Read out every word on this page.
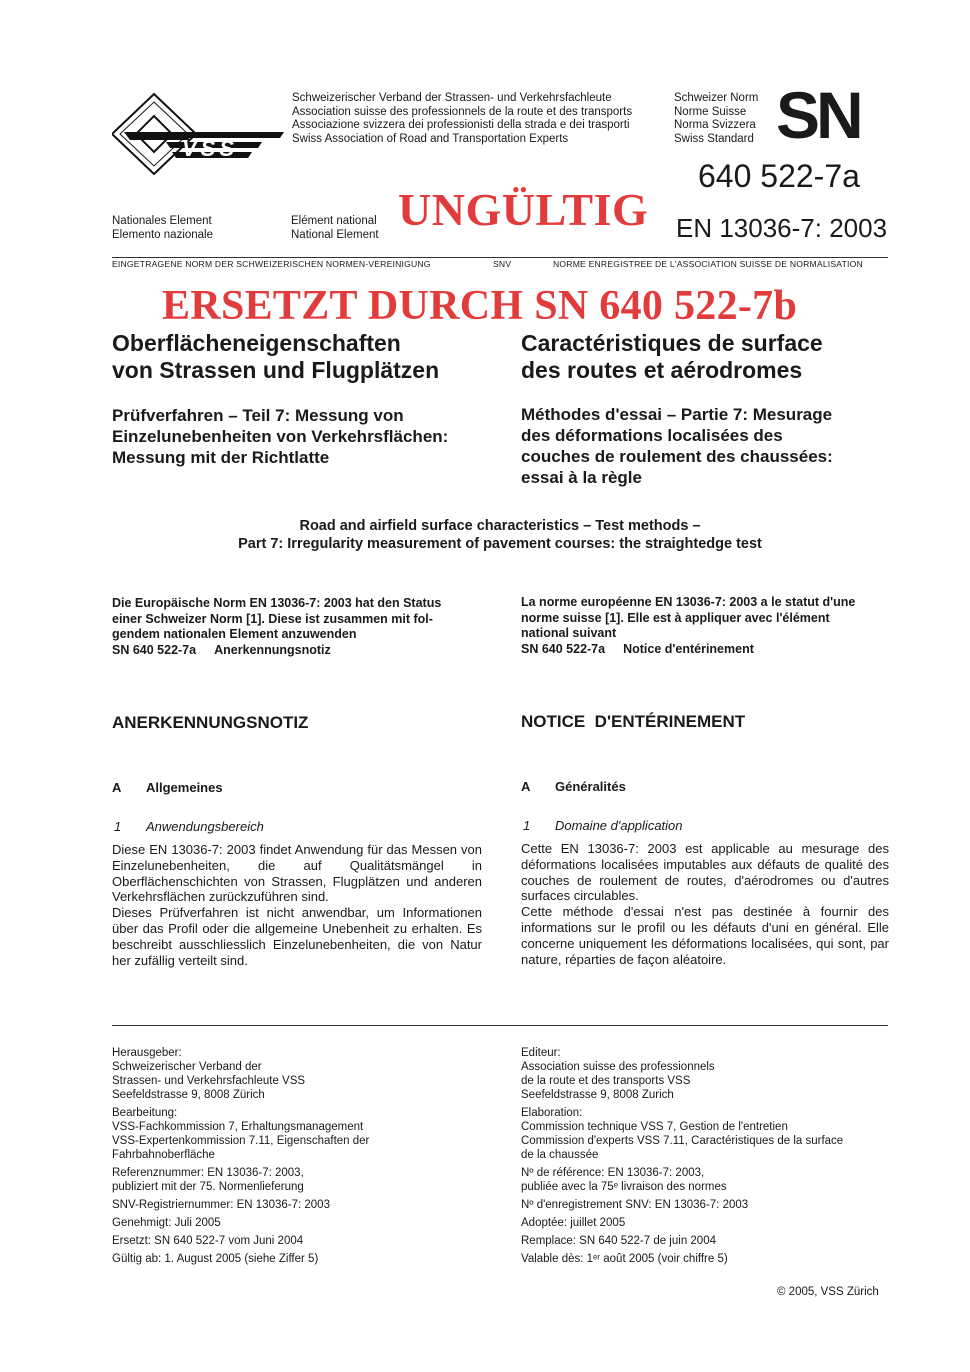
VSS
Schweizerischer Verband der Strassen- und Verkehrsfachleute
Association suisse des professionnels de la route et des transports
Associazione svizzera dei professionisti della strada e dei trasporti
Swiss Association of Road and Transportation Experts
Schweizer Norm
Norme Suisse
Norma Svizzera
Swiss Standard SN
640 522-7a
Nationales Element
Elemento nazionale
Elément national
National Element UNGÜLTIG EN 13036-7: 2003
EINGETRAGENE NORM DER SCHWEIZERISCHEN NORMEN-VEREINIGUNG	SNV	NORME ENREGISTREE DE L'ASSOCIATION SUISSE DE NORMALISATION
ERSETZT DURCH SN 640 522-7b
Oberflächeneigenschaften
von Strassen und Flugplätzen
Caractéristiques de surface
des routes et aérodromes
Prüfverfahren – Teil 7: Messung von
Einzelunebenheiten von Verkehrsflächen:
Messung mit der Richtlatte
Méthodes d'essai – Partie 7: Mesurage
des déformations localisées des
couches de roulement des chaussées:
essai à la règle
Road and airfield surface characteristics – Test methods –
Part 7: Irregularity measurement of pavement courses: the straightedge test
Die Europäische Norm EN 13036-7: 2003 hat den Status
einer Schweizer Norm [1]. Diese ist zusammen mit fol-
gendem nationalen Element anzuwenden
SN 640 522-7a Anerkennungsnotiz
La norme européenne EN 13036-7: 2003 a le statut d'une
norme suisse [1]. Elle est à appliquer avec l'élément
national suivant
SN 640 522-7a Notice d'entérinement
ANERKENNUNGSNOTIZ	NOTICE  D'ENTÉRINEMENT
A Allgemeines	A Généralités
1 Anwendungsbereich	1 Domaine d'application
Diese EN 13036-7: 2003 findet Anwendung für das Messen von Einzelunebenheiten, die auf Qualitätsmängel in Oberflächenschichten von Strassen, Flugplätzen und anderen Verkehrsflächen zurückzuführen sind.
Dieses Prüfverfahren ist nicht anwendbar, um Informationen über das Profil oder die allgemeine Unebenheit zu erhalten. Es beschreibt ausschliesslich Einzelunebenheiten, die von Natur her zufällig verteilt sind.
Cette EN 13036-7: 2003 est applicable au mesurage des déformations localisées imputables aux défauts de qualité des couches de roulement de routes, d'aérodromes ou d'autres surfaces circulables.
Cette méthode d'essai n'est pas destinée à fournir des informations sur le profil ou les défauts d'uni en général. Elle concerne uniquement les déformations localisées, qui sont, par nature, réparties de façon aléatoire.
Herausgeber:
Schweizerischer Verband der
Strassen- und Verkehrsfachleute VSS
Seefeldstrasse 9, 8008 Zürich
Bearbeitung:
VSS-Fachkommission 7, Erhaltungsmanagement
VSS-Expertenkommission 7.11, Eigenschaften der
Fahrbahnoberfläche
Referenznummer: EN 13036-7: 2003,
publiziert mit der 75. Normenlieferung
SNV-Registriernummer: EN 13036-7: 2003
Genehmigt: Juli 2005
Ersetzt: SN 640 522-7 vom Juni 2004
Gültig ab: 1. August 2005 (siehe Ziffer 5)
Editeur:
Association suisse des professionnels
de la route et des transports VSS
Seefeldstrasse 9, 8008 Zurich
Elaboration:
Commission technique VSS 7, Gestion de l'entretien
Commission d'experts VSS 7.11, Caractéristiques de la surface
de la chaussée
Nº de référence: EN 13036-7: 2003,
publiée avec la 75ᵉ livraison des normes
Nº d'enregistrement SNV: EN 13036-7: 2003
Adoptée: juillet 2005
Remplace: SN 640 522-7 de juin 2004
Valable dès: 1ᵉʳ août 2005 (voir chiffre 5)
© 2005, VSS Zürich
